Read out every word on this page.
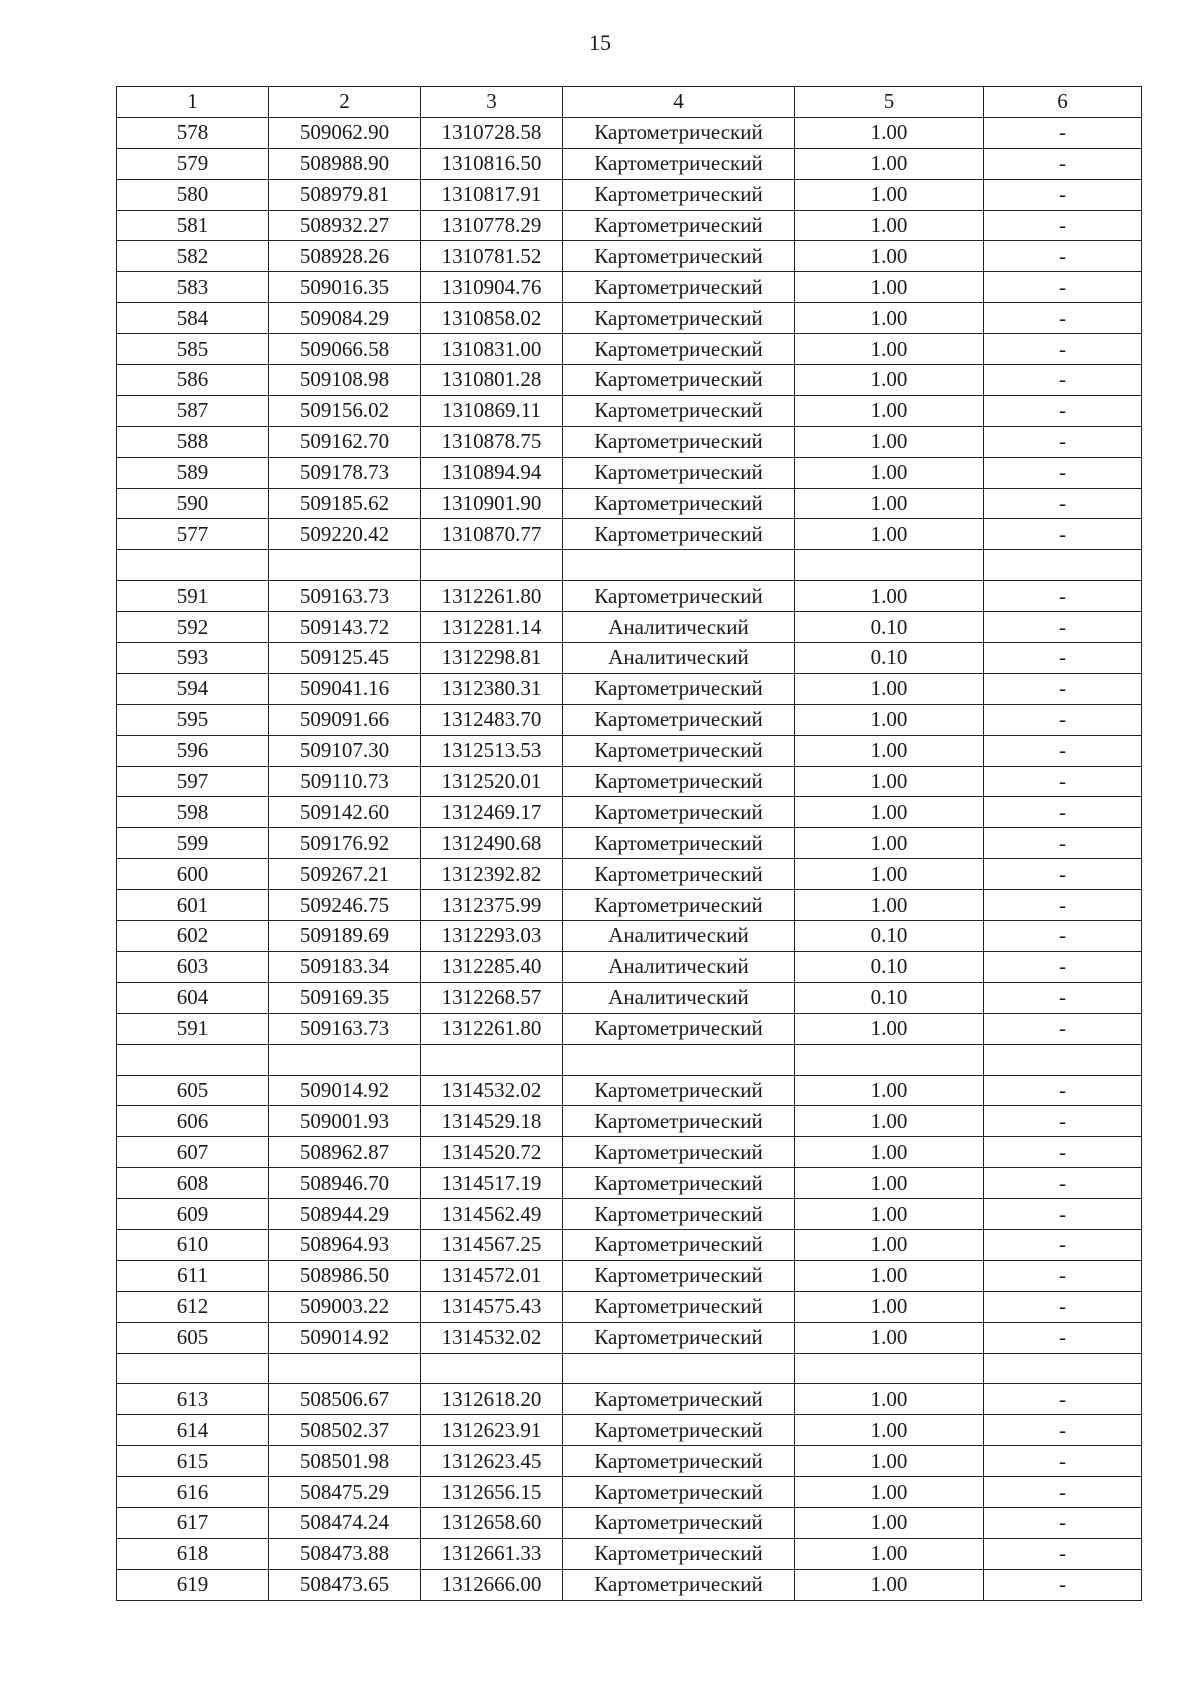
15
1	2	3	4	5	6
578	509062.90	1310728.58	Картометрический	1.00	-
579	508988.90	1310816.50	Картометрический	1.00	-
580	508979.81	1310817.91	Картометрический	1.00	-
581	508932.27	1310778.29	Картометрический	1.00	-
582	508928.26	1310781.52	Картометрический	1.00	-
583	509016.35	1310904.76	Картометрический	1.00	-
584	509084.29	1310858.02	Картометрический	1.00	-
585	509066.58	1310831.00	Картометрический	1.00	-
586	509108.98	1310801.28	Картометрический	1.00	-
587	509156.02	1310869.11	Картометрический	1.00	-
588	509162.70	1310878.75	Картометрический	1.00	-
589	509178.73	1310894.94	Картометрический	1.00	-
590	509185.62	1310901.90	Картометрический	1.00	-
577	509220.42	1310870.77	Картометрический	1.00	-

591	509163.73	1312261.80	Картометрический	1.00	-
592	509143.72	1312281.14	Аналитический	0.10	-
593	509125.45	1312298.81	Аналитический	0.10	-
594	509041.16	1312380.31	Картометрический	1.00	-
595	509091.66	1312483.70	Картометрический	1.00	-
596	509107.30	1312513.53	Картометрический	1.00	-
597	509110.73	1312520.01	Картометрический	1.00	-
598	509142.60	1312469.17	Картометрический	1.00	-
599	509176.92	1312490.68	Картометрический	1.00	-
600	509267.21	1312392.82	Картометрический	1.00	-
601	509246.75	1312375.99	Картометрический	1.00	-
602	509189.69	1312293.03	Аналитический	0.10	-
603	509183.34	1312285.40	Аналитический	0.10	-
604	509169.35	1312268.57	Аналитический	0.10	-
591	509163.73	1312261.80	Картометрический	1.00	-

605	509014.92	1314532.02	Картометрический	1.00	-
606	509001.93	1314529.18	Картометрический	1.00	-
607	508962.87	1314520.72	Картометрический	1.00	-
608	508946.70	1314517.19	Картометрический	1.00	-
609	508944.29	1314562.49	Картометрический	1.00	-
610	508964.93	1314567.25	Картометрический	1.00	-
611	508986.50	1314572.01	Картометрический	1.00	-
612	509003.22	1314575.43	Картометрический	1.00	-
605	509014.92	1314532.02	Картометрический	1.00	-

613	508506.67	1312618.20	Картометрический	1.00	-
614	508502.37	1312623.91	Картометрический	1.00	-
615	508501.98	1312623.45	Картометрический	1.00	-
616	508475.29	1312656.15	Картометрический	1.00	-
617	508474.24	1312658.60	Картометрический	1.00	-
618	508473.88	1312661.33	Картометрический	1.00	-
619	508473.65	1312666.00	Картометрический	1.00	-
